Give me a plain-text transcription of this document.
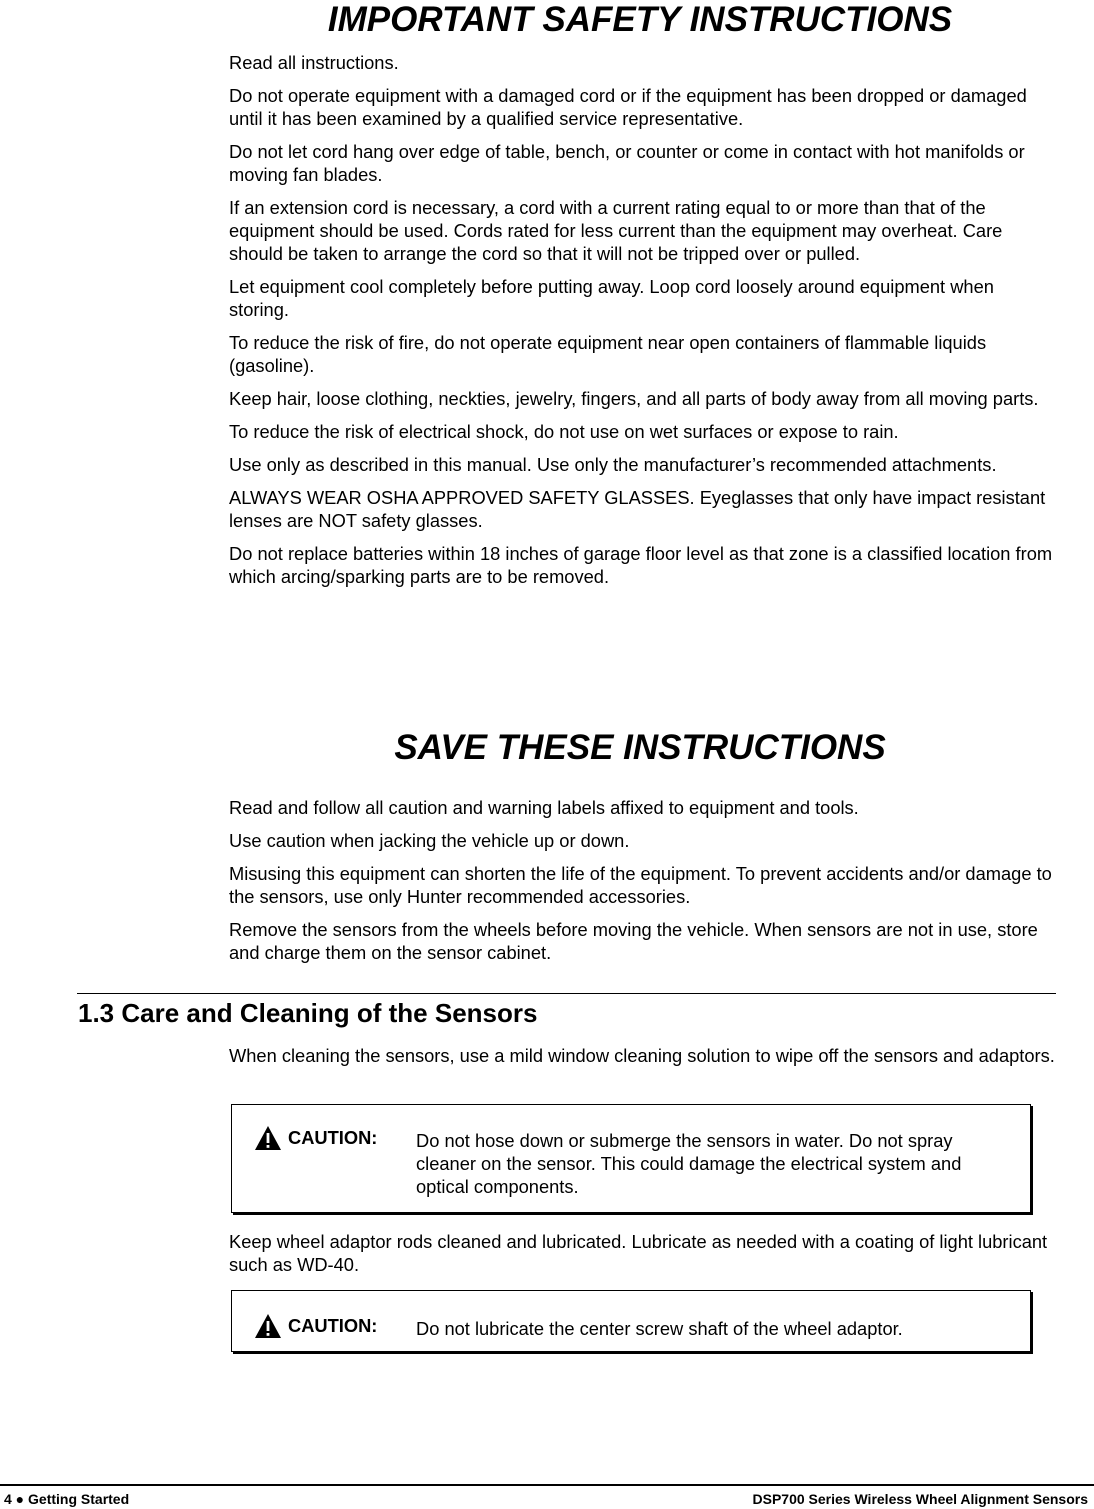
IMPORTANT SAFETY INSTRUCTIONS

Read all instructions.

Do not operate equipment with a damaged cord or if the equipment has been dropped or damaged until it has been examined by a qualified service representative.

Do not let cord hang over edge of table, bench, or counter or come in contact with hot manifolds or moving fan blades.

If an extension cord is necessary, a cord with a current rating equal to or more than that of the equipment should be used. Cords rated for less current than the equipment may overheat. Care should be taken to arrange the cord so that it will not be tripped over or pulled.

Let equipment cool completely before putting away. Loop cord loosely around equipment when storing.

To reduce the risk of fire, do not operate equipment near open containers of flammable liquids (gasoline).

Keep hair, loose clothing, neckties, jewelry, fingers, and all parts of body away from all moving parts.

To reduce the risk of electrical shock, do not use on wet surfaces or expose to rain.

Use only as described in this manual. Use only the manufacturer’s recommended attachments.

ALWAYS WEAR OSHA APPROVED SAFETY GLASSES. Eyeglasses that only have impact resistant lenses are NOT safety glasses.

Do not replace batteries within 18 inches of garage floor level as that zone is a classified location from which arcing/sparking parts are to be removed.

SAVE THESE INSTRUCTIONS

Read and follow all caution and warning labels affixed to equipment and tools.

Use caution when jacking the vehicle up or down.

Misusing this equipment can shorten the life of the equipment. To prevent accidents and/or damage to the sensors, use only Hunter recommended accessories.

Remove the sensors from the wheels before moving the vehicle. When sensors are not in use, store and charge them on the sensor cabinet.

1.3 Care and Cleaning of the Sensors

When cleaning the sensors, use a mild window cleaning solution to wipe off the sensors and adaptors.

CAUTION: Do not hose down or submerge the sensors in water. Do not spray cleaner on the sensor. This could damage the electrical system and optical components.

Keep wheel adaptor rods cleaned and lubricated. Lubricate as needed with a coating of light lubricant such as WD-40.

CAUTION: Do not lubricate the center screw shaft of the wheel adaptor.
4 ● Getting Started	DSP700 Series Wireless Wheel Alignment Sensors
